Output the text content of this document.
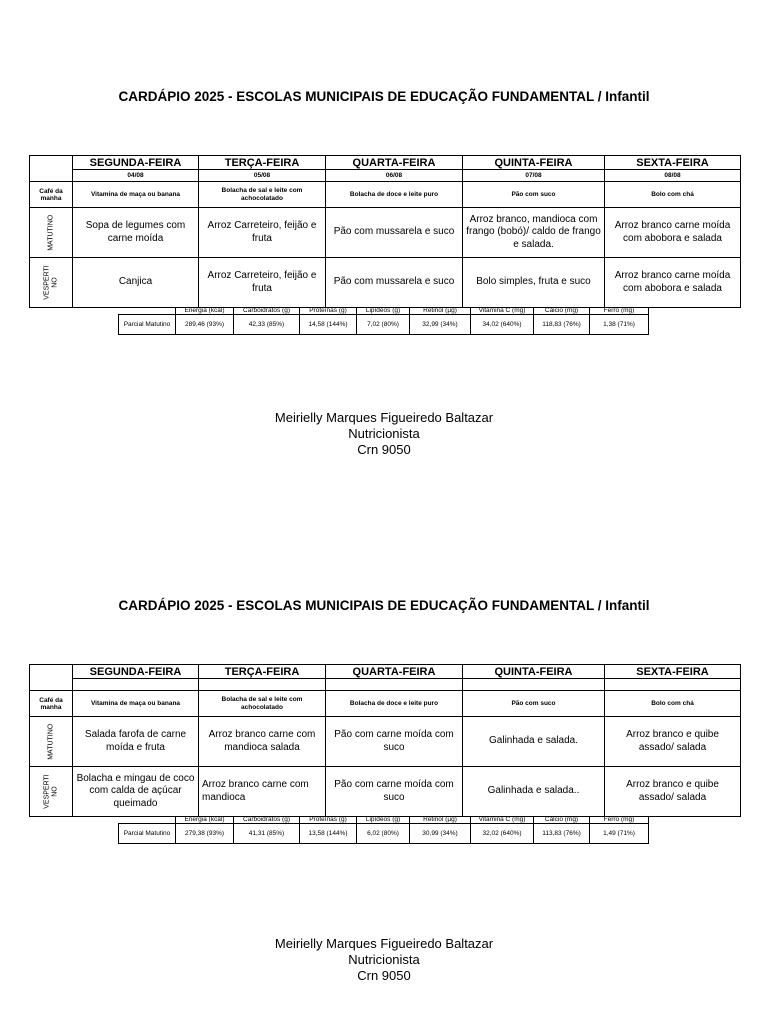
CARDÁPIO 2025 - ESCOLAS MUNICIPAIS DE EDUCAÇÃO FUNDAMENTAL / Infantil
	SEGUNDA-FEIRA	TERÇA-FEIRA	QUARTA-FEIRA	QUINTA-FEIRA	SEXTA-FEIRA
	04/08	05/08	06/08	07/08	08/08
Café da manha	Vitamina de maça ou banana	Bolacha de sal e leite com achocolatado	Bolacha de doce e leite puro	Pão com suco	Bolo com chá

MATUTINO	Sopa de legumes com carne moída	Arroz Carreteiro, feijão e fruta	Pão com mussarela e suco	Arroz branco, mandioca com frango (bobó)/ caldo de frango e salada.	Arroz branco carne moída com abobora e salada

VESPERTI NO	Canjica	Arroz Carreteiro, feijão e fruta	Pão com mussarela e suco	Bolo simples, fruta e suco	Arroz branco carne moída com abobora e salada
	Energia (kcal)	Carboidratos (g)	Proteínas (g)	Lipídeos (g)	Retinol (µg)	Vitamina C (mg)	Cálcio (mg)	Ferro (mg)
Parcial Matutino	289,46 (93%)	42,33 (85%)	14,58 (144%)	7,02 (80%)	32,99 (34%)	34,02 (640%)	118,83 (76%)	1,38 (71%)
Meirielly Marques Figueiredo Baltazar
Nutricionista
Crn 9050
CARDÁPIO 2025 - ESCOLAS MUNICIPAIS DE EDUCAÇÃO FUNDAMENTAL / Infantil
	SEGUNDA-FEIRA	TERÇA-FEIRA	QUARTA-FEIRA	QUINTA-FEIRA	SEXTA-FEIRA

Café da manha	Vitamina de maça ou banana	Bolacha de sal e leite com achocolatado	Bolacha de doce e leite puro	Pão com suco	Bolo com chá

MATUTINO	Salada farofa de carne moída e fruta	Arroz branco carne com mandioca salada	Pão com carne moída com suco	Galinhada e salada.	Arroz branco e quibe assado/ salada

VESPERTI NO	Bolacha e mingau de coco com calda de açúcar queimado	Arroz branco carne com mandioca	Pão com carne moída com suco	Galinhada e salada..	Arroz branco e quibe assado/ salada
	Energia (kcal)	Carboidratos (g)	Proteínas (g)	Lipídeos (g)	Retinol (µg)	Vitamina C (mg)	Cálcio (mg)	Ferro (mg)
Parcial Matutino	279,38 (93%)	41,31 (85%)	13,58 (144%)	6,02 (80%)	30,99 (34%)	32,02 (640%)	113,83 (76%)	1,49 (71%)
Meirielly Marques Figueiredo Baltazar
Nutricionista
Crn 9050
